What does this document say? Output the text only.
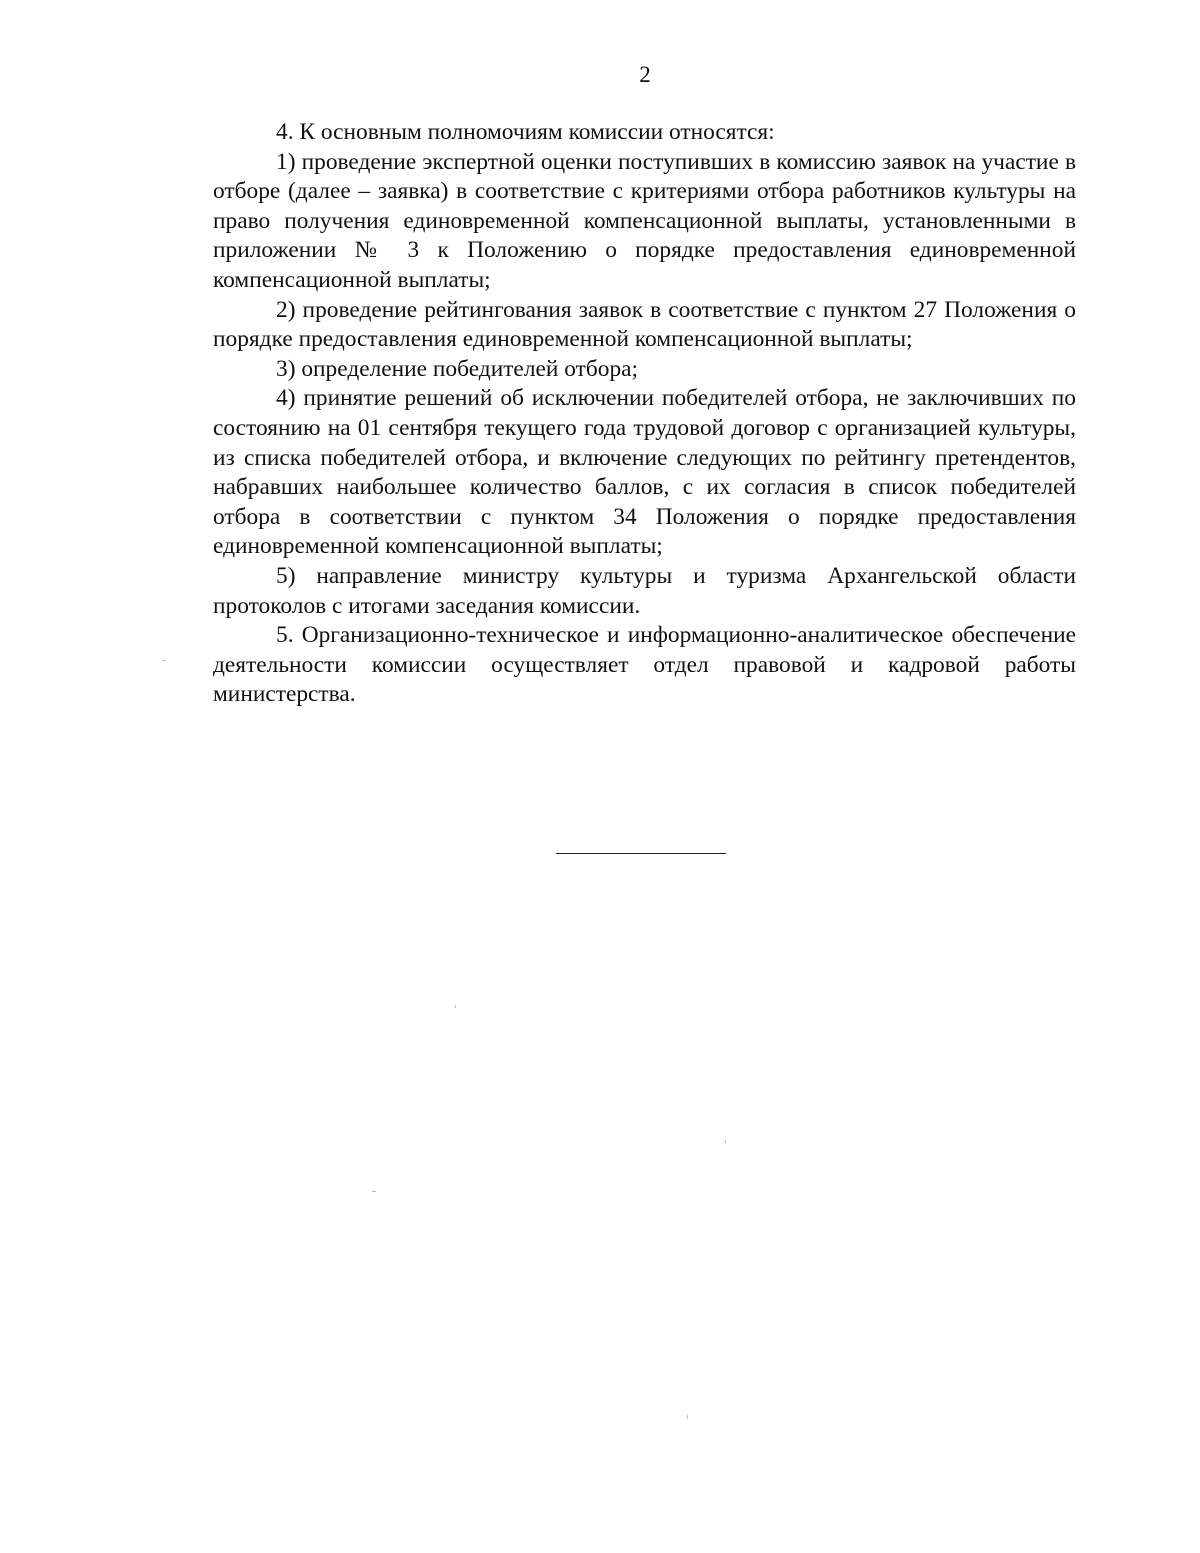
2

4. К основным полномочиям комиссии относятся:

1) проведение экспертной оценки поступивших в комиссию заявок на участие в отборе (далее – заявка) в соответствие с критериями отбора работников культуры на право получения единовременной компенсационной выплаты, установленными в приложении № 3 к Положению о порядке предоставления единовременной компенсационной выплаты;

2) проведение рейтингования заявок в соответствие с пунктом 27 Положения о порядке предоставления единовременной компенсационной выплаты;

3) определение победителей отбора;

4) принятие решений об исключении победителей отбора, не заключивших по состоянию на 01 сентября текущего года трудовой договор с организацией культуры, из списка победителей отбора, и включение следующих по рейтингу претендентов, набравших наибольшее количество баллов, с их согласия в список победителей отбора в соответствии с пунктом 34 Положения о порядке предоставления единовременной компенсационной выплаты;

5) направление министру культуры и туризма Архангельской области протоколов с итогами заседания комиссии.

5. Организационно-техническое и информационно-аналитическое обеспечение деятельности комиссии осуществляет отдел правовой и кадровой работы министерства.
